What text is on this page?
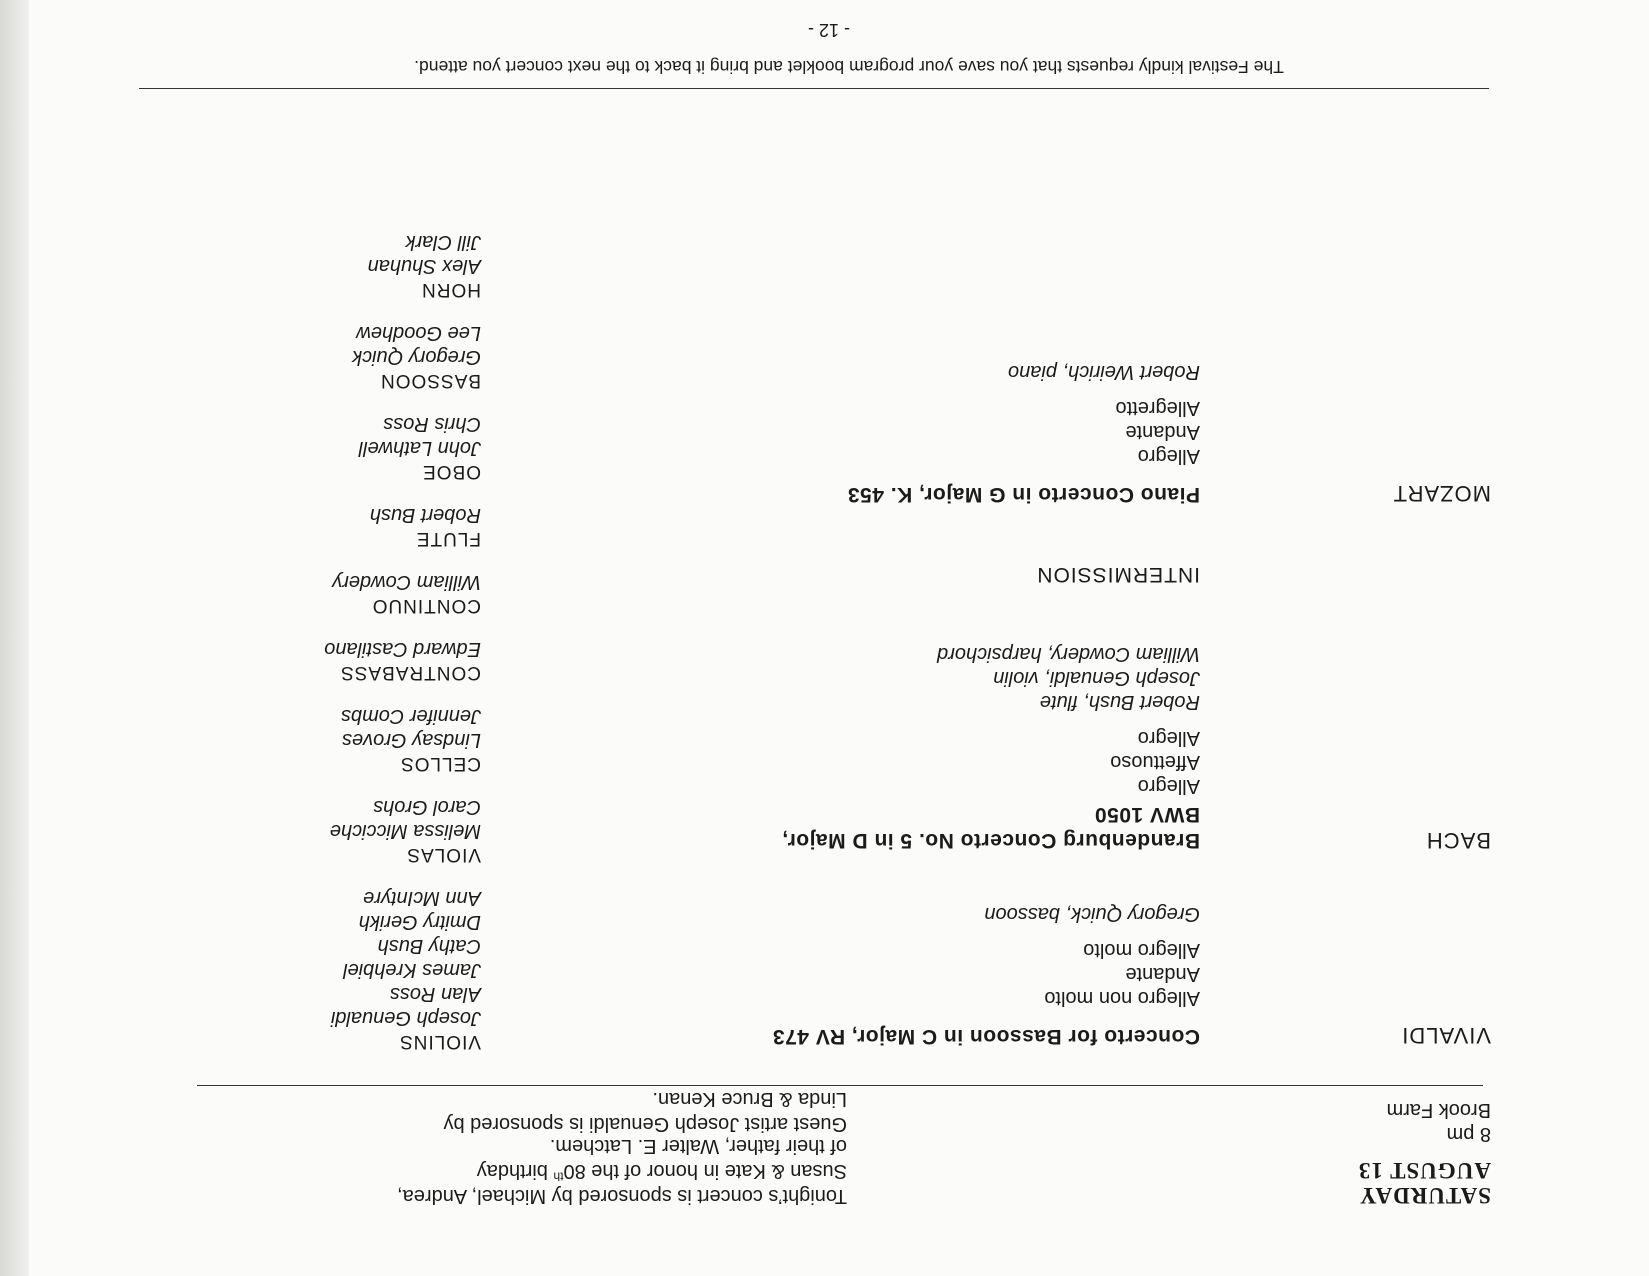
SATURDAY
AUGUST 13
8 pm
Brook Farm
Tonight’s concert is sponsored by Michael, Andrea,
Susan & Kate in honor of the 80th birthday
of their father, Walter E. Latchem.
Guest artist Joseph Genualdi is sponsored by
Linda & Bruce Kenan.
VIVALDI
Concerto for Bassoon in C Major, RV 473
Allegro non molto
Andante
Allegro molto
Gregory Quick, bassoon
BACH
Brandenburg Concerto No. 5 in D Major,
BWV 1050
Allegro
Affettuoso
Allegro
Robert Bush, flute
Joseph Genualdi, violin
William Cowdery, harpsichord
INTERMISSION
MOZART
Piano Concerto in G Major, K. 453
Allegro
Andante
Allegretto
Robert Weirich, piano
VIOLINS
Joseph Genualdi
Alan Ross
James Krehbiel
Cathy Bush
Dmitry Gerikh
Ann McIntyre
VIOLAS
Melissa Micciche
Carol Grohs
CELLOS
Lindsay Groves
Jennifer Combs
CONTRABASS
Edward Castilano
CONTINUO
William Cowdery
FLUTE
Robert Bush
OBOE
John Lathwell
Chris Ross
BASSOON
Gregory Quick
Lee Goodhew
HORN
Alex Shuhan
Jill Clark
The Festival kindly requests that you save your program booklet and bring it back to the next concert you attend.
- 12 -
